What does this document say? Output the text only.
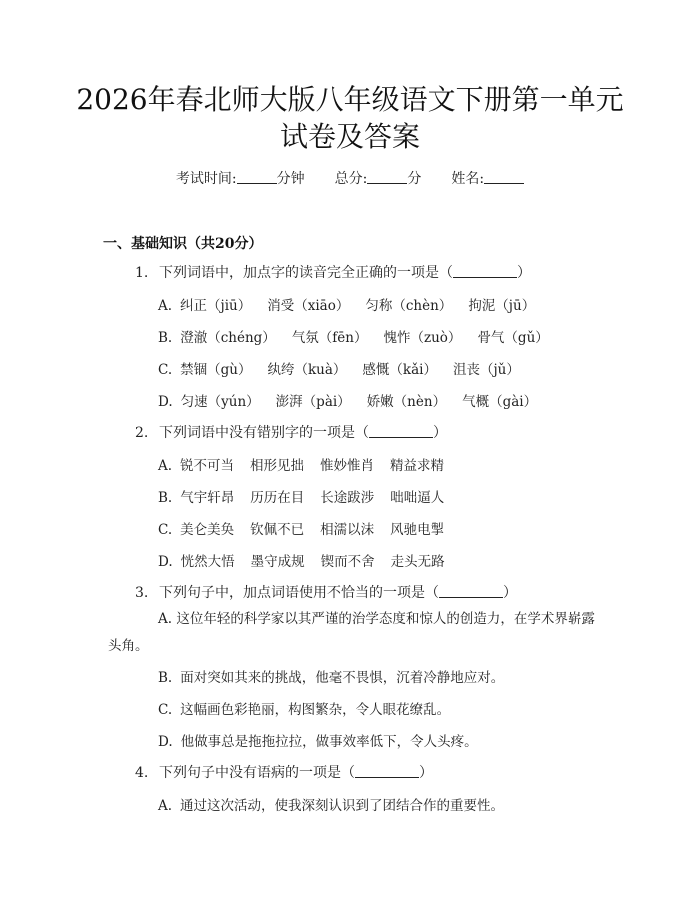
2026年春北师大版八年级语文下册第一单元
试卷及答案
考试时间:	分钟 总分:	分 姓名:
一、基础知识（共20分）
1. 下列词语中，加点字的读音完全正确的一项是（	）
A. 纠正（jiū） 消受（xiāo） 匀称（chèn） 拘泥（jū）
B. 澄澈（chéng） 气氛（fēn） 愧怍（zuò） 骨气（gǔ）
C. 禁锢（gù） 纨绔（kuà） 感慨（kǎi） 沮丧（jǔ）
D. 匀速（yún） 澎湃（pài） 娇嫩（nèn） 气概（gài）
2. 下列词语中没有错别字的一项是（	）
A. 锐不可当 相形见拙 惟妙惟肖 精益求精
B. 气宇轩昂 历历在目 长途跋涉 咄咄逼人
C. 美仑美奂 钦佩不已 相濡以沫 风驰电掣
D. 恍然大悟 墨守成规 锲而不舍 走头无路
3. 下列句子中，加点词语使用不恰当的一项是（	）
A. 这位年轻的科学家以其严谨的治学态度和惊人的创造力，在学术界崭露头角。
B. 面对突如其来的挑战，他毫不畏惧，沉着冷静地应对。
C. 这幅画色彩艳丽，构图繁杂，令人眼花缭乱。
D. 他做事总是拖拖拉拉，做事效率低下，令人头疼。
4. 下列句子中没有语病的一项是（	）
A. 通过这次活动，使我深刻认识到了团结合作的重要性。
